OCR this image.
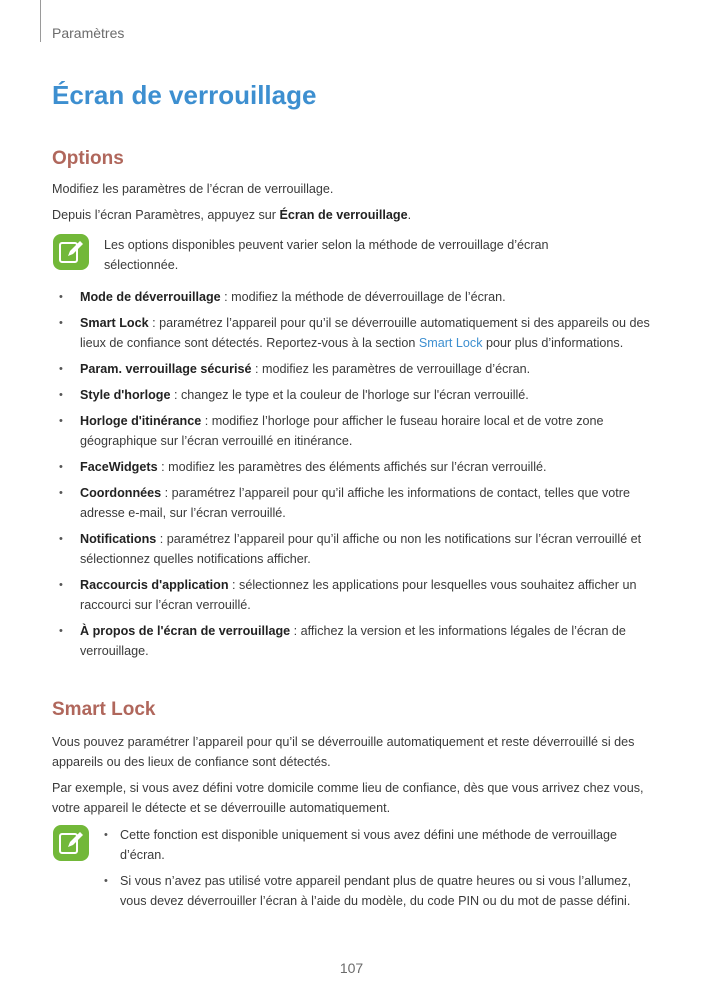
Paramètres
Écran de verrouillage
Options

Modifiez les paramètres de l’écran de verrouillage.

Depuis l’écran Paramètres, appuyez sur Écran de verrouillage.

Les options disponibles peuvent varier selon la méthode de verrouillage d’écran sélectionnée.

• Mode de déverrouillage : modifiez la méthode de déverrouillage de l’écran.
• Smart Lock : paramétrez l’appareil pour qu’il se déverrouille automatiquement si des appareils ou des lieux de confiance sont détectés. Reportez-vous à la section Smart Lock pour plus d’informations.
• Param. verrouillage sécurisé : modifiez les paramètres de verrouillage d’écran.
• Style d'horloge : changez le type et la couleur de l'horloge sur l'écran verrouillé.
• Horloge d'itinérance : modifiez l’horloge pour afficher le fuseau horaire local et de votre zone géographique sur l’écran verrouillé en itinérance.
• FaceWidgets : modifiez les paramètres des éléments affichés sur l’écran verrouillé.
• Coordonnées : paramétrez l’appareil pour qu’il affiche les informations de contact, telles que votre adresse e-mail, sur l’écran verrouillé.
• Notifications : paramétrez l’appareil pour qu’il affiche ou non les notifications sur l’écran verrouillé et sélectionnez quelles notifications afficher.
• Raccourcis d'application : sélectionnez les applications pour lesquelles vous souhaitez afficher un raccourci sur l’écran verrouillé.
• À propos de l'écran de verrouillage : affichez la version et les informations légales de l’écran de verrouillage.
Smart Lock

Vous pouvez paramétrer l’appareil pour qu’il se déverrouille automatiquement et reste déverrouillé si des appareils ou des lieux de confiance sont détectés.

Par exemple, si vous avez défini votre domicile comme lieu de confiance, dès que vous arrivez chez vous, votre appareil le détecte et se déverrouille automatiquement.

• Cette fonction est disponible uniquement si vous avez défini une méthode de verrouillage d’écran.
• Si vous n’avez pas utilisé votre appareil pendant plus de quatre heures ou si vous l’allumez, vous devez déverrouiller l’écran à l’aide du modèle, du code PIN ou du mot de passe défini.
107
